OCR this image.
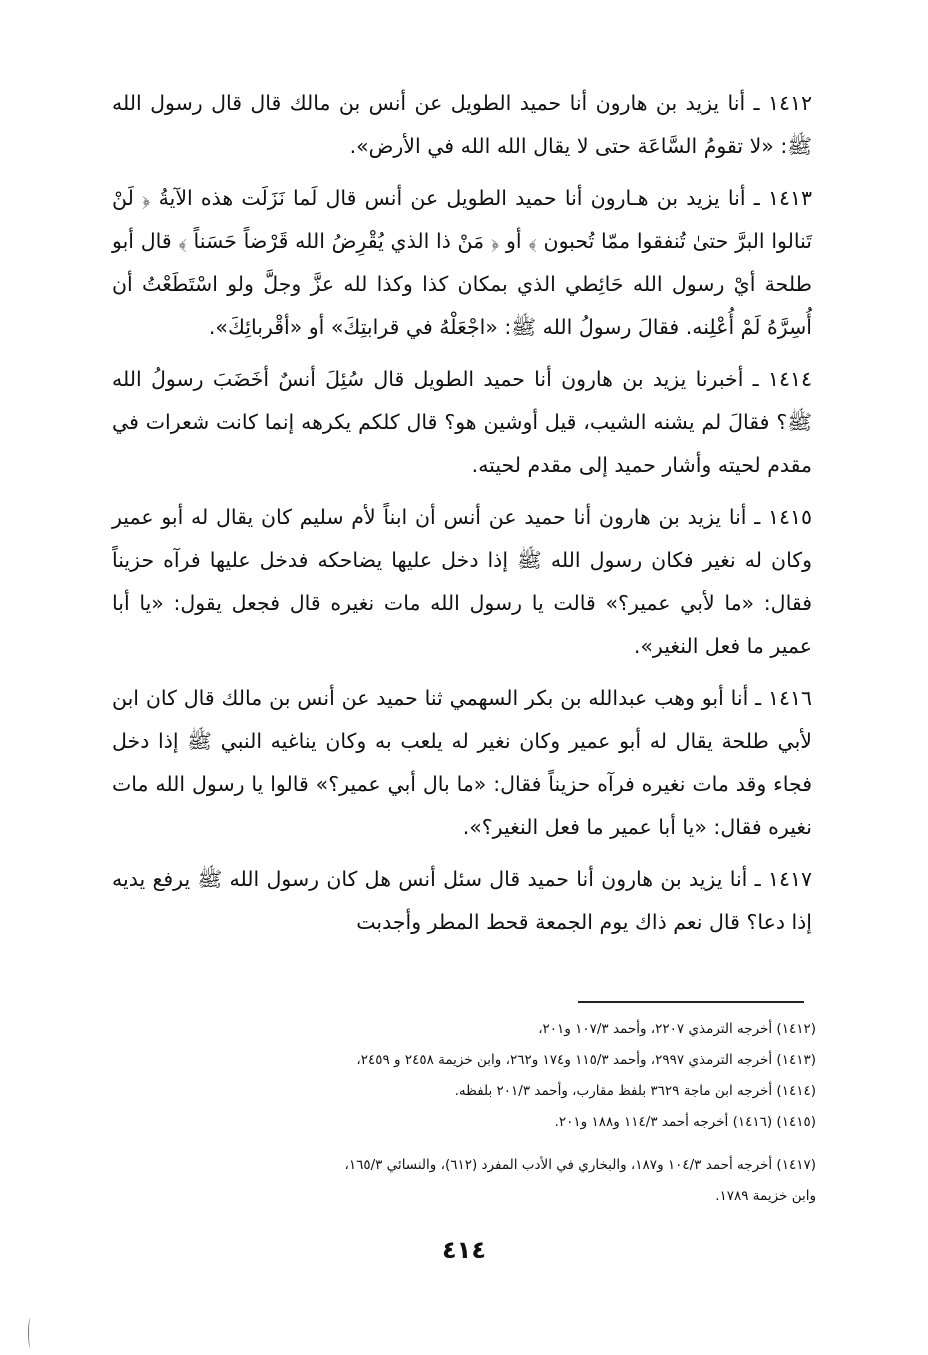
١٤١٢ ـ أنا يزيد بن هارون أنا حميد الطويل عن أنس بن مالك قال قال رسول الله ﷺ: «لا تقومُ السَّاعَة حتى لا يقال الله الله في الأرض».

١٤١٣ ـ أنا يزيد بن هـارون أنا حميد الطويل عن أنس قال لَما نَزَلَت هذه الآيةُ ﴿ لَنْ تَنالوا البرَّ حتىٰ تُنفقوا ممّا تُحبون ﴾ أو ﴿ مَنْ ذا الذي يُقْرِضُ الله قَرْضاً حَسَناً ﴾ قال أبو طلحة أيْ رسول الله حَائِطي الذي بمكان كذا وكذا لله عزَّ وجلَّ ولو اسْتَطَعْتُ أن أُسِرَّهُ لَمْ أُعْلِنه. فقالَ رسولُ الله ﷺ: «اجْعَلْهُ في قرابتِكَ» أو «أقْربائِكَ».

١٤١٤ ـ أخبرنا يزيد بن هارون أنا حميد الطويل قال سُئِلَ أنسٌ أخَضَبَ رسولُ الله ﷺ؟ فقالَ لم يشنه الشيب، قيل أوشين هو؟ قال كلكم يكرهه إنما كانت شعرات في مقدم لحيته وأشار حميد إلى مقدم لحيته.

١٤١٥ ـ أنا يزيد بن هارون أنا حميد عن أنس أن ابناً لأم سليم كان يقال له أبو عمير وكان له نغير فكان رسول الله ﷺ إذا دخل عليها يضاحكه فدخل عليها فرآه حزيناً فقال: «ما لأبي عمير؟» قالت يا رسول الله مات نغيره قال فجعل يقول: «يا أبا عمير ما فعل النغير».

١٤١٦ ـ أنا أبو وهب عبدالله بن بكر السهمي ثنا حميد عن أنس بن مالك قال كان ابن لأبي طلحة يقال له أبو عمير وكان نغير له يلعب به وكان يناغيه النبي ﷺ إذا دخل فجاء وقد مات نغيره فرآه حزيناً فقال: «ما بال أبي عمير؟» قالوا يا رسول الله مات نغيره فقال: «يا أبا عمير ما فعل النغير؟».

١٤١٧ ـ أنا يزيد بن هارون أنا حميد قال سئل أنس هل كان رسول الله ﷺ يرفع يديه إذا دعا؟ قال نعم ذاك يوم الجمعة قحط المطر وأجدبت

(١٤١٢) أخرجه الترمذي ٢٢٠٧، وأحمد ١٠٧/٣ و٢٠١،

(١٤١٣) أخرجه الترمذي ٢٩٩٧، وأحمد ١١٥/٣ و١٧٤ و٢٦٢، وابن خزيمة ٢٤٥٨ و ٢٤٥٩،

(١٤١٤) أخرجه ابن ماجة ٣٦٢٩ بلفظ مقارب، وأحمد ٢٠١/٣ بلفظه.

(١٤١٥) (١٤١٦) أخرجه أحمد ١١٤/٣ و١٨٨ و٢٠١.

(١٤١٧) أخرجه أحمد ١٠٤/٣ و١٨٧، والبخاري في الأدب المفرد (٦١٢)، والنسائي ١٦٥/٣،

وابن خزيمة ١٧٨٩.

٤١٤
